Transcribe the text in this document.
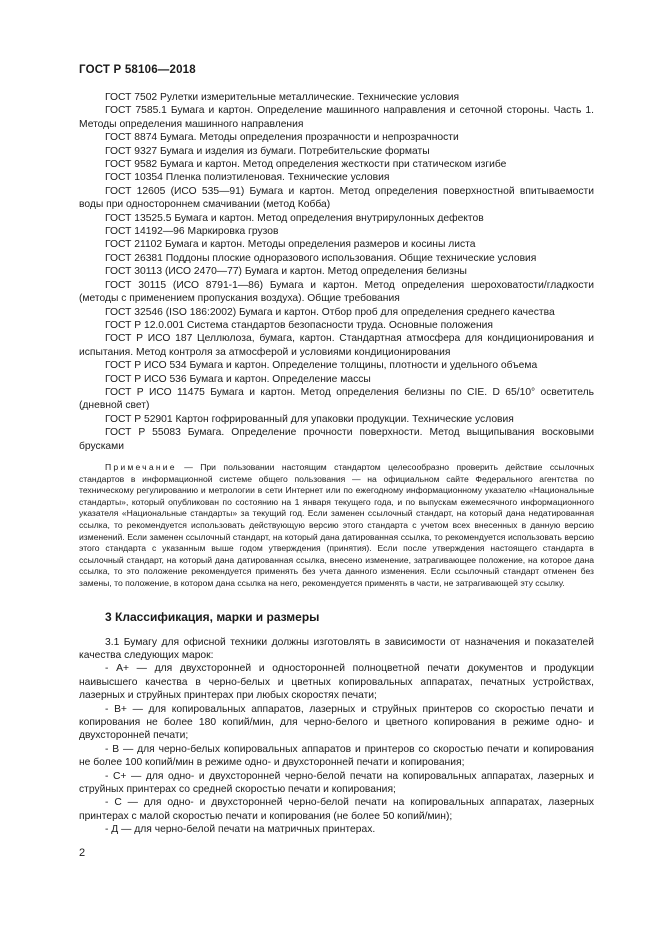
ГОСТ Р 58106—2018

ГОСТ 7502 Рулетки измерительные металлические. Технические условия

ГОСТ 7585.1 Бумага и картон. Определение машинного направления и сеточной стороны. Часть 1. Методы определения машинного направления

ГОСТ 8874 Бумага. Методы определения прозрачности и непрозрачности

ГОСТ 9327 Бумага и изделия из бумаги. Потребительские форматы

ГОСТ 9582 Бумага и картон. Метод определения жесткости при статическом изгибе

ГОСТ 10354 Пленка полиэтиленовая. Технические условия

ГОСТ 12605 (ИСО 535—91) Бумага и картон. Метод определения поверхностной впитываемости воды при одностороннем смачивании (метод Кобба)

ГОСТ 13525.5 Бумага и картон. Метод определения внутрирулонных дефектов

ГОСТ 14192—96 Маркировка грузов

ГОСТ 21102 Бумага и картон. Методы определения размеров и косины листа

ГОСТ 26381 Поддоны плоские одноразового использования. Общие технические условия

ГОСТ 30113 (ИСО 2470—77) Бумага и картон. Метод определения белизны

ГОСТ 30115 (ИСО 8791-1—86) Бумага и картон. Метод определения шероховатости/гладкости (методы с применением пропускания воздуха). Общие требования

ГОСТ 32546 (ISO 186:2002) Бумага и картон. Отбор проб для определения среднего качества

ГОСТ Р 12.0.001 Система стандартов безопасности труда. Основные положения

ГОСТ Р ИСО 187 Целлюлоза, бумага, картон. Стандартная атмосфера для кондиционирования и испытания. Метод контроля за атмосферой и условиями кондиционирования

ГОСТ Р ИСО 534 Бумага и картон. Определение толщины, плотности и удельного объема

ГОСТ Р ИСО 536 Бумага и картон. Определение массы

ГОСТ Р ИСО 11475 Бумага и картон. Метод определения белизны по CIE. D 65/10° осветитель (дневной свет)

ГОСТ Р 52901 Картон гофрированный для упаковки продукции. Технические условия

ГОСТ Р 55083 Бумага. Определение прочности поверхности. Метод выщипывания восковыми брусками

Примечание — При пользовании настоящим стандартом целесообразно проверить действие ссылочных стандартов в информационной системе общего пользования — на официальном сайте Федерального агентства по техническому регулированию и метрологии в сети Интернет или по ежегодному информационному указателю «Национальные стандарты», который опубликован по состоянию на 1 января текущего года, и по выпускам ежемесячного информационного указателя «Национальные стандарты» за текущий год. Если заменен ссылочный стандарт, на который дана недатированная ссылка, то рекомендуется использовать действующую версию этого стандарта с учетом всех внесенных в данную версию изменений. Если заменен ссылочный стандарт, на который дана датированная ссылка, то рекомендуется использовать версию этого стандарта с указанным выше годом утверждения (принятия). Если после утверждения настоящего стандарта в ссылочный стандарт, на который дана датированная ссылка, внесено изменение, затрагивающее положение, на которое дана ссылка, то это положение рекомендуется применять без учета данного изменения. Если ссылочный стандарт отменен без замены, то положение, в котором дана ссылка на него, рекомендуется применять в части, не затрагивающей эту ссылку.
3 Классификация, марки и размеры

3.1 Бумагу для офисной техники должны изготовлять в зависимости от назначения и показателей качества следующих марок:

- А+ — для двухсторонней и односторонней полноцветной печати документов и продукции наивысшего качества в черно-белых и цветных копировальных аппаратах, печатных устройствах, лазерных и струйных принтерах при любых скоростях печати;

- В+ — для копировальных аппаратов, лазерных и струйных принтеров со скоростью печати и копирования не более 180 копий/мин, для черно-белого и цветного копирования в режиме одно- и двухсторонней печати;

- В — для черно-белых копировальных аппаратов и принтеров со скоростью печати и копирования не более 100 копий/мин в режиме одно- и двухсторонней печати и копирования;

- С+ — для одно- и двухсторонней черно-белой печати на копировальных аппаратах, лазерных и струйных принтерах со средней скоростью печати и копирования;

- С — для одно- и двухсторонней черно-белой печати на копировальных аппаратах, лазерных принтерах с малой скоростью печати и копирования (не более 50 копий/мин);

- Д — для черно-белой печати на матричных принтерах.

2
